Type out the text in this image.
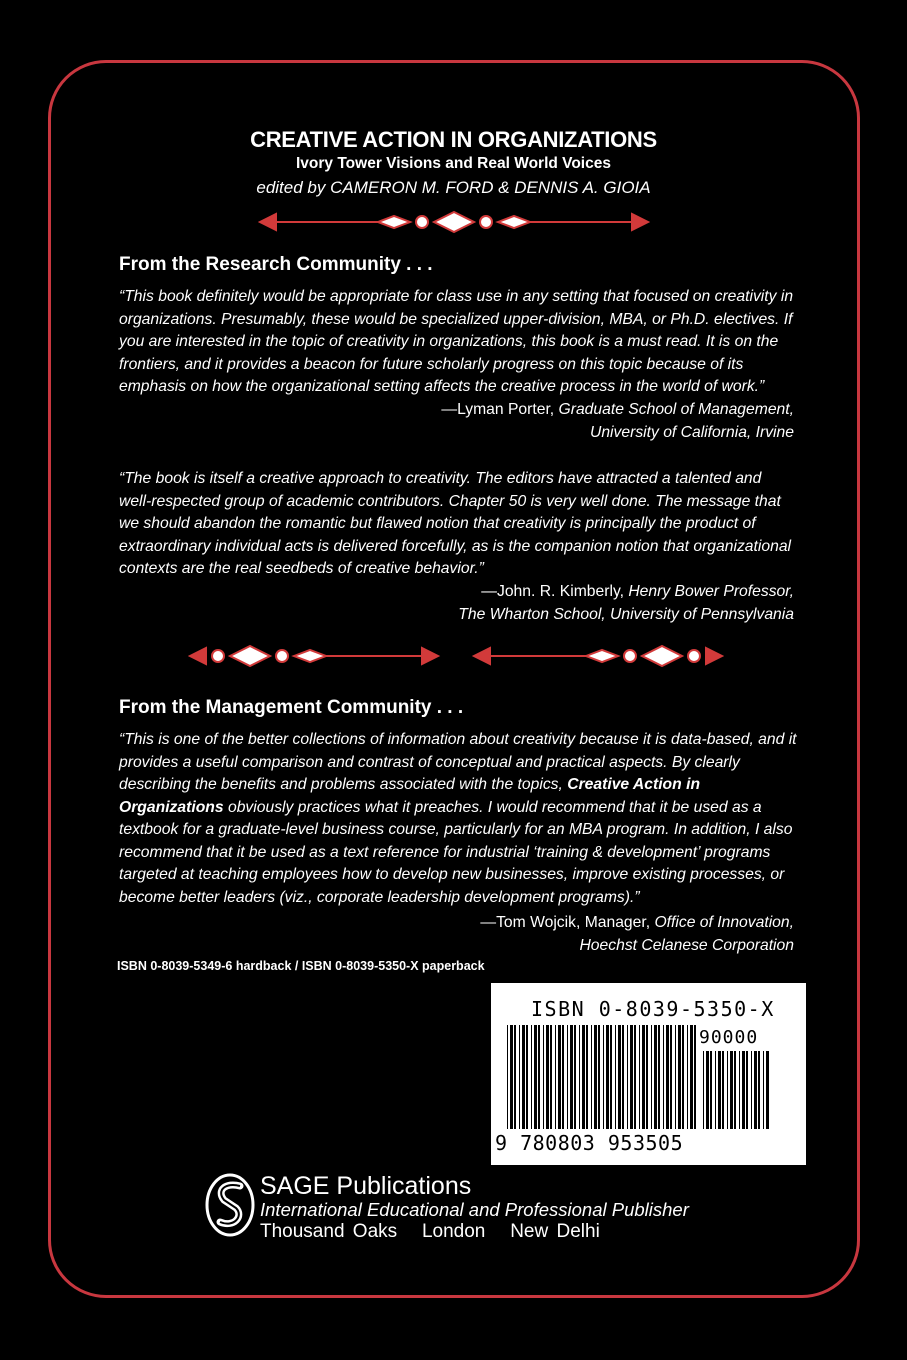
CREATIVE ACTION IN ORGANIZATIONS
Ivory Tower Visions and Real World Voices
edited by CAMERON M. FORD & DENNIS A. GIOIA
From the Research Community . . .
“This book definitely would be appropriate for class use in any setting that focused on creativity in
organizations. Presumably, these would be specialized upper-division, MBA, or Ph.D. electives. If
you are interested in the topic of creativity in organizations, this book is a must read. It is on the
frontiers, and it provides a beacon for future scholarly progress on this topic because of its
emphasis on how the organizational setting affects the creative process in the world of work.”
—Lyman Porter, Graduate School of Management,
University of California, Irvine
“The book is itself a creative approach to creativity. The editors have attracted a talented and
well-respected group of academic contributors. Chapter 50 is very well done. The message that
we should abandon the romantic but flawed notion that creativity is principally the product of
extraordinary individual acts is delivered forcefully, as is the companion notion that organizational
contexts are the real seedbeds of creative behavior.”
—John. R. Kimberly, Henry Bower Professor,
The Wharton School, University of Pennsylvania
From the Management Community . . .
“This is one of the better collections of information about creativity because it is data-based, and it
provides a useful comparison and contrast of conceptual and practical aspects. By clearly
describing the benefits and problems associated with the topics, Creative Action in
Organizations obviously practices what it preaches. I would recommend that it be used as a
textbook for a graduate-level business course, particularly for an MBA program. In addition, I also
recommend that it be used as a text reference for industrial ‘training & development’ programs
targeted at teaching employees how to develop new businesses, improve existing processes, or
become better leaders (viz., corporate leadership development programs).”
—Tom Wojcik, Manager, Office of Innovation,
Hoechst Celanese Corporation
ISBN 0-8039-5349-6 hardback / ISBN 0-8039-5350-X paperback
ISBN 0-8039-5350-X
90000
9 780803 953505
SAGE Publications
International Educational and Professional Publisher
Thousand Oaks   London   New Delhi
